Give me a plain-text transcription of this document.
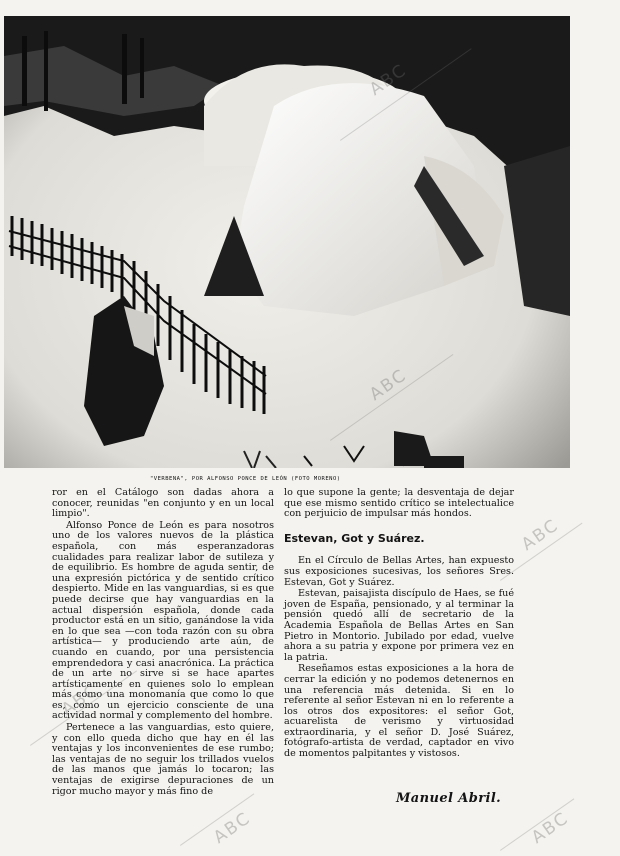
"VERBENA", POR ALFONSO PONCE DE LEÓN (FOTO MORENO)

ror en el Catálogo son dadas ahora a conocer, reunidas "en conjunto y en un local limpio".

Alfonso Ponce de León es para nosotros uno de los valores nuevos de la plástica española, con más esperanzadoras cualidades para realizar labor de sutileza y de equilibrio. Es hombre de aguda sentir, de una expresión pictórica y de sentido crítico despierto. Mide en las vanguardias, si es que puede decirse que hay vanguardias en la actual dispersión española, donde cada productor está en un sitio, ganándose la vida en lo que sea —con toda razón con su obra artística— y produciendo arte aún, de cuando en cuando, por una persistencia emprendedora y casi anacrónica. La práctica de un arte no sirve si se hace apartes artísticamente en quienes solo lo emplean más como una monomanía que como lo que es, como un ejercicio consciente de una actividad normal y complemento del hombre.

Pertenece a las vanguardias, esto quiere, y con ello queda dicho que hay en él las ventajas y los inconvenientes de ese rumbo; las ventajas de no seguir los trillados vuelos de las manos que jamás lo tocaron; las ventajas de exigirse depuraciones de un rigor mucho mayor y más fino de

lo que supone la gente; la desventaja de dejar que ese mismo sentido crítico se intelectualice con perjuicio de impulsar más hondos.

Estevan, Got y Suárez.

En el Círculo de Bellas Artes, han expuesto sus exposiciones sucesivas, los señores Sres. Estevan, Got y Suárez.

Estevan, paisajista discípulo de Haes, se fué joven de España, pensionado, y al terminar la pensión quedó allí de secretario de la Academia Española de Bellas Artes en San Pietro in Montorio. Jubilado por edad, vuelve ahora a su patria y expone por primera vez en la patria.

Reseñamos estas exposiciones a la hora de cerrar la edición y no podemos detenernos en una referencia más detenida. Si en lo referente al señor Estevan ni en lo referente a los otros dos expositores: el señor Got, acuarelista de verismo y virtuosidad extraordinaria, y el señor D. José Suárez, fotógrafo-artista de verdad, captador en vivo de momentos palpitantes y vistosos.

Manuel Abril.
ABC
ABC
ABC
ABC	ABC
ABC
